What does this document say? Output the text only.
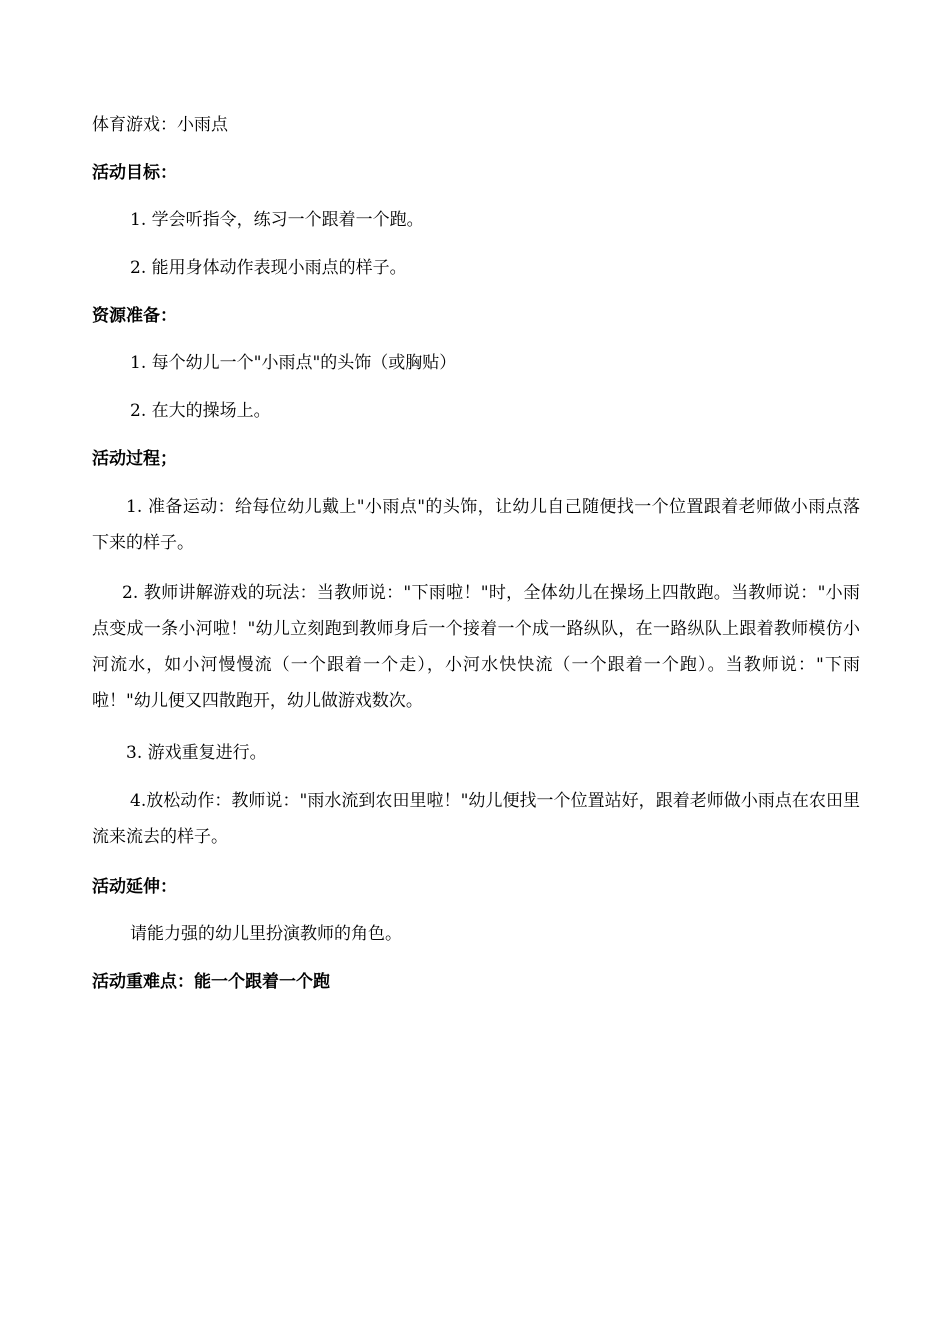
体育游戏：小雨点
活动目标：
1. 学会听指令，练习一个跟着一个跑。
2. 能用身体动作表现小雨点的样子。
资源准备：
1. 每个幼儿一个"小雨点"的头饰（或胸贴）
2. 在大的操场上。
活动过程；
1. 准备运动：给每位幼儿戴上"小雨点"的头饰，让幼儿自己随便找一个位置跟着老师做小雨点落下来的样子。
2. 教师讲解游戏的玩法：当教师说："下雨啦！"时，全体幼儿在操场上四散跑。当教师说："小雨点变成一条小河啦！"幼儿立刻跑到教师身后一个接着一个成一路纵队，在一路纵队上跟着教师模仿小河流水，如小河慢慢流（一个跟着一个走），小河水快快流（一个跟着一个跑）。当教师说："下雨啦！"幼儿便又四散跑开，幼儿做游戏数次。
3. 游戏重复进行。
4.放松动作：教师说："雨水流到农田里啦！"幼儿便找一个位置站好，跟着老师做小雨点在农田里流来流去的样子。
活动延伸：
请能力强的幼儿里扮演教师的角色。
活动重难点：能一个跟着一个跑
